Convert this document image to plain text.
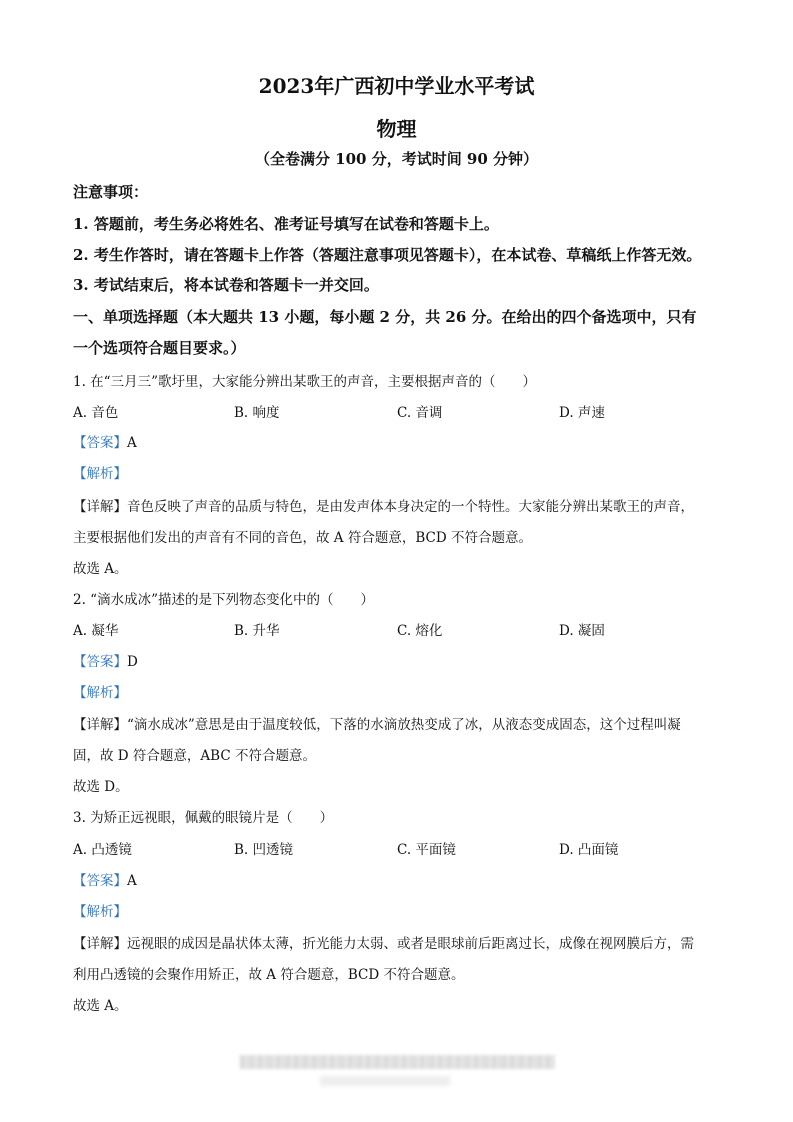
2023年广西初中学业水平考试
物理
（全卷满分 100 分，考试时间 90 分钟）
注意事项：
1. 答题前，考生务必将姓名、准考证号填写在试卷和答题卡上。
2. 考生作答时，请在答题卡上作答（答题注意事项见答题卡），在本试卷、草稿纸上作答无效。
3. 考试结束后，将本试卷和答题卡一并交回。
一、单项选择题（本大题共 13 小题，每小题 2 分，共 26 分。在给出的四个备选项中，只有
一个选项符合题目要求。）
1. 在“三月三”歌圩里，大家能分辨出某歌王的声音，主要根据声音的（　　）
A. 音色	B. 响度	C. 音调	D. 声速
【答案】A
【解析】
【详解】音色反映了声音的品质与特色，是由发声体本身决定的一个特性。大家能分辨出某歌王的声音，
主要根据他们发出的声音有不同的音色，故 A 符合题意，BCD 不符合题意。
故选 A。
2. “滴水成冰”描述的是下列物态变化中的（　　）
A. 凝华	B. 升华	C. 熔化	D. 凝固
【答案】D
【解析】
【详解】“滴水成冰”意思是由于温度较低，下落的水滴放热变成了冰，从液态变成固态，这个过程叫凝
固，故 D 符合题意，ABC 不符合题意。
故选 D。
3. 为矫正远视眼，佩戴的眼镜片是（　　）
A. 凸透镜	B. 凹透镜	C. 平面镜	D. 凸面镜
【答案】A
【解析】
【详解】远视眼的成因是晶状体太薄，折光能力太弱、或者是眼球前后距离过长，成像在视网膜后方，需
利用凸透镜的会聚作用矫正，故 A 符合题意，BCD 不符合题意。
故选 A。
